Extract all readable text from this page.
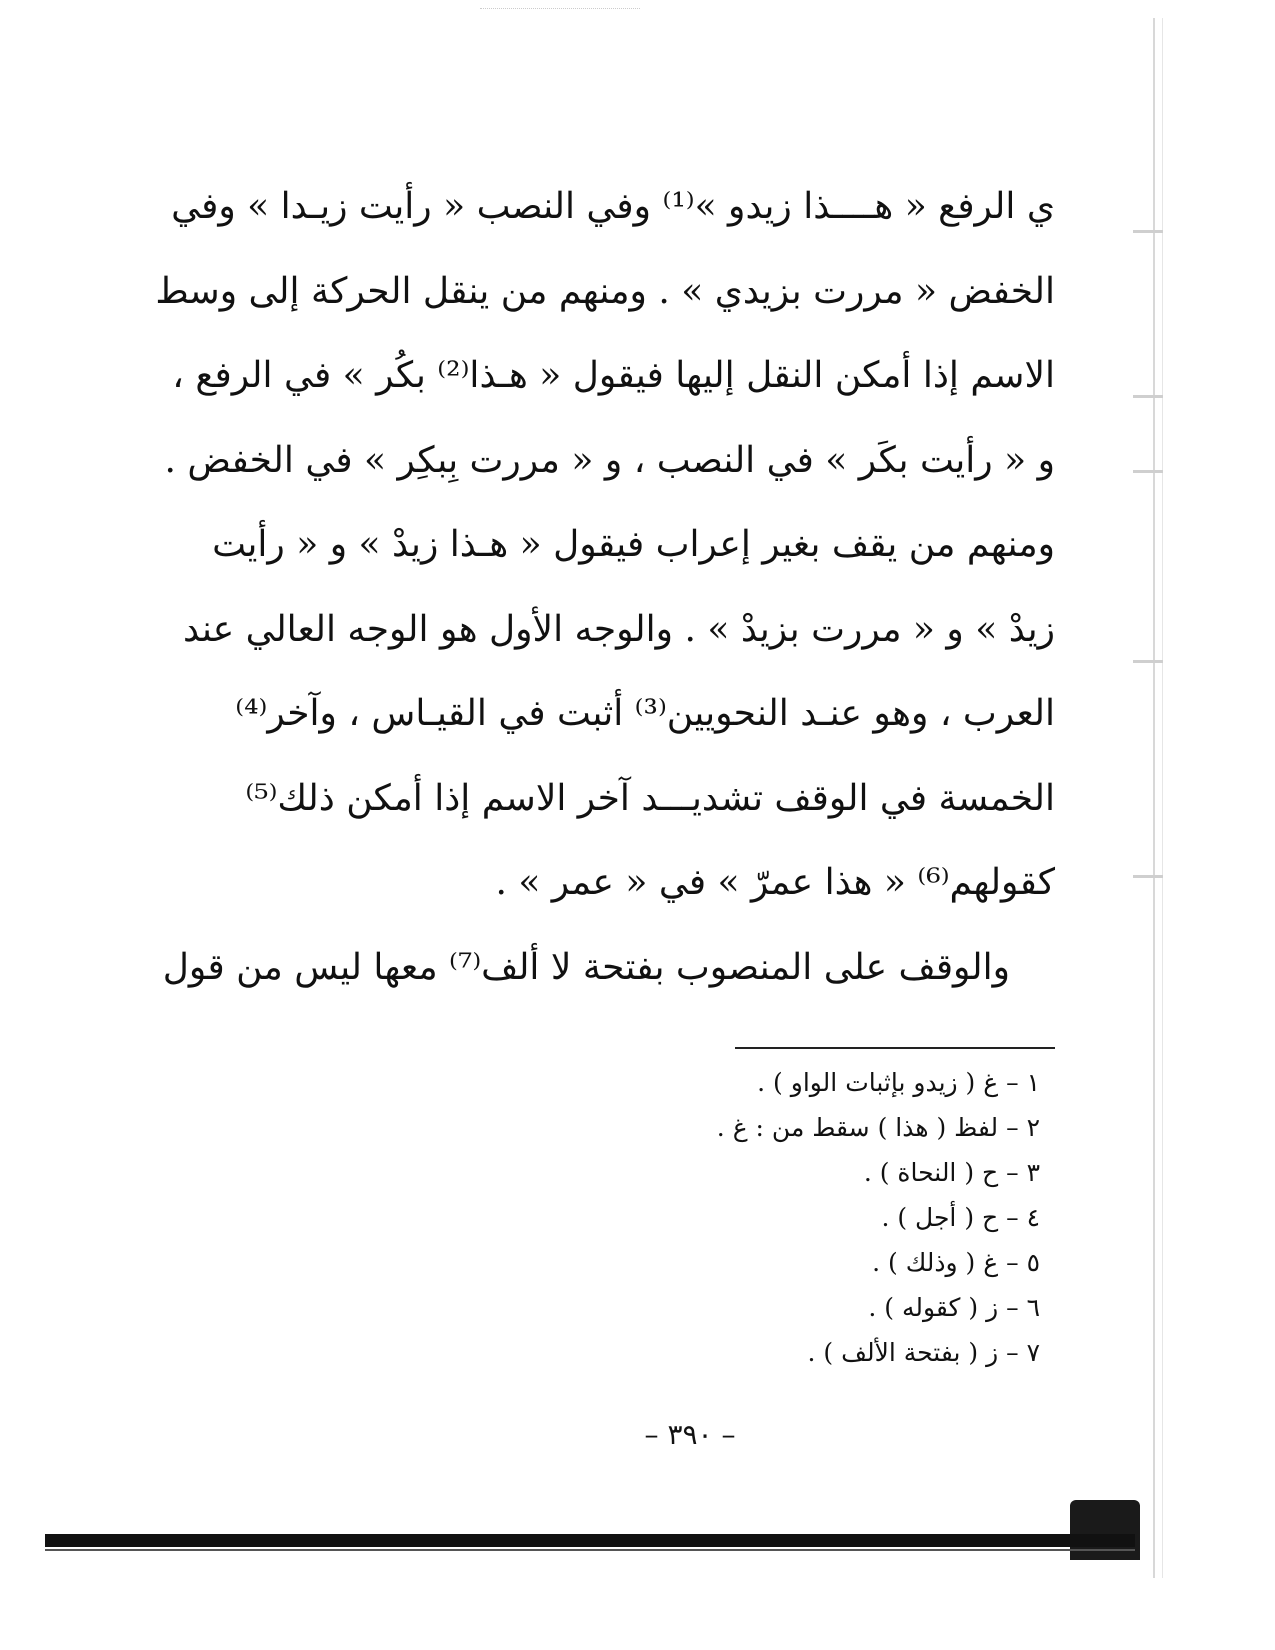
ي الرفع « هــــذا زيدو »⁽¹⁾ وفي النصب « رأيت زيـدا » وفي
الخفض « مررت بزيدي » . ومنهم من ينقل الحركة إلى وسط
الاسم إذا أمكن النقل إليها فيقول « هـذا⁽²⁾ بكُر » في الرفع ،
و « رأيت بكَر » في النصب ، و « مررت بِبكِر » في الخفض .
ومنهم من يقف بغير إعراب فيقول « هـذا زيدْ » و « رأيت
زيدْ » و « مررت بزيدْ » . والوجه الأول هو الوجه العالي عند
العرب ، وهو عنـد النحويين⁽³⁾ أثبت في القيـاس ، وآخر⁽⁴⁾
الخمسة في الوقف تشديـــد آخر الاسم إذا أمكن ذلك⁽⁵⁾
كقولهم⁽⁶⁾ « هذا عمرّ » في « عمر » .
والوقف على المنصوب بفتحة لا ألف⁽⁷⁾ معها ليس من قول
١ – غ ( زيدو بإثبات الواو ) .
٢ – لفظ ( هذا ) سقط من : غ .
٣ – ح ( النحاة ) .
٤ – ح ( أجل ) .
٥ – غ ( وذلك ) .
٦ – ز ( كقوله ) .
٧ – ز ( بفتحة الألف ) .
– ٣٩٠ –
